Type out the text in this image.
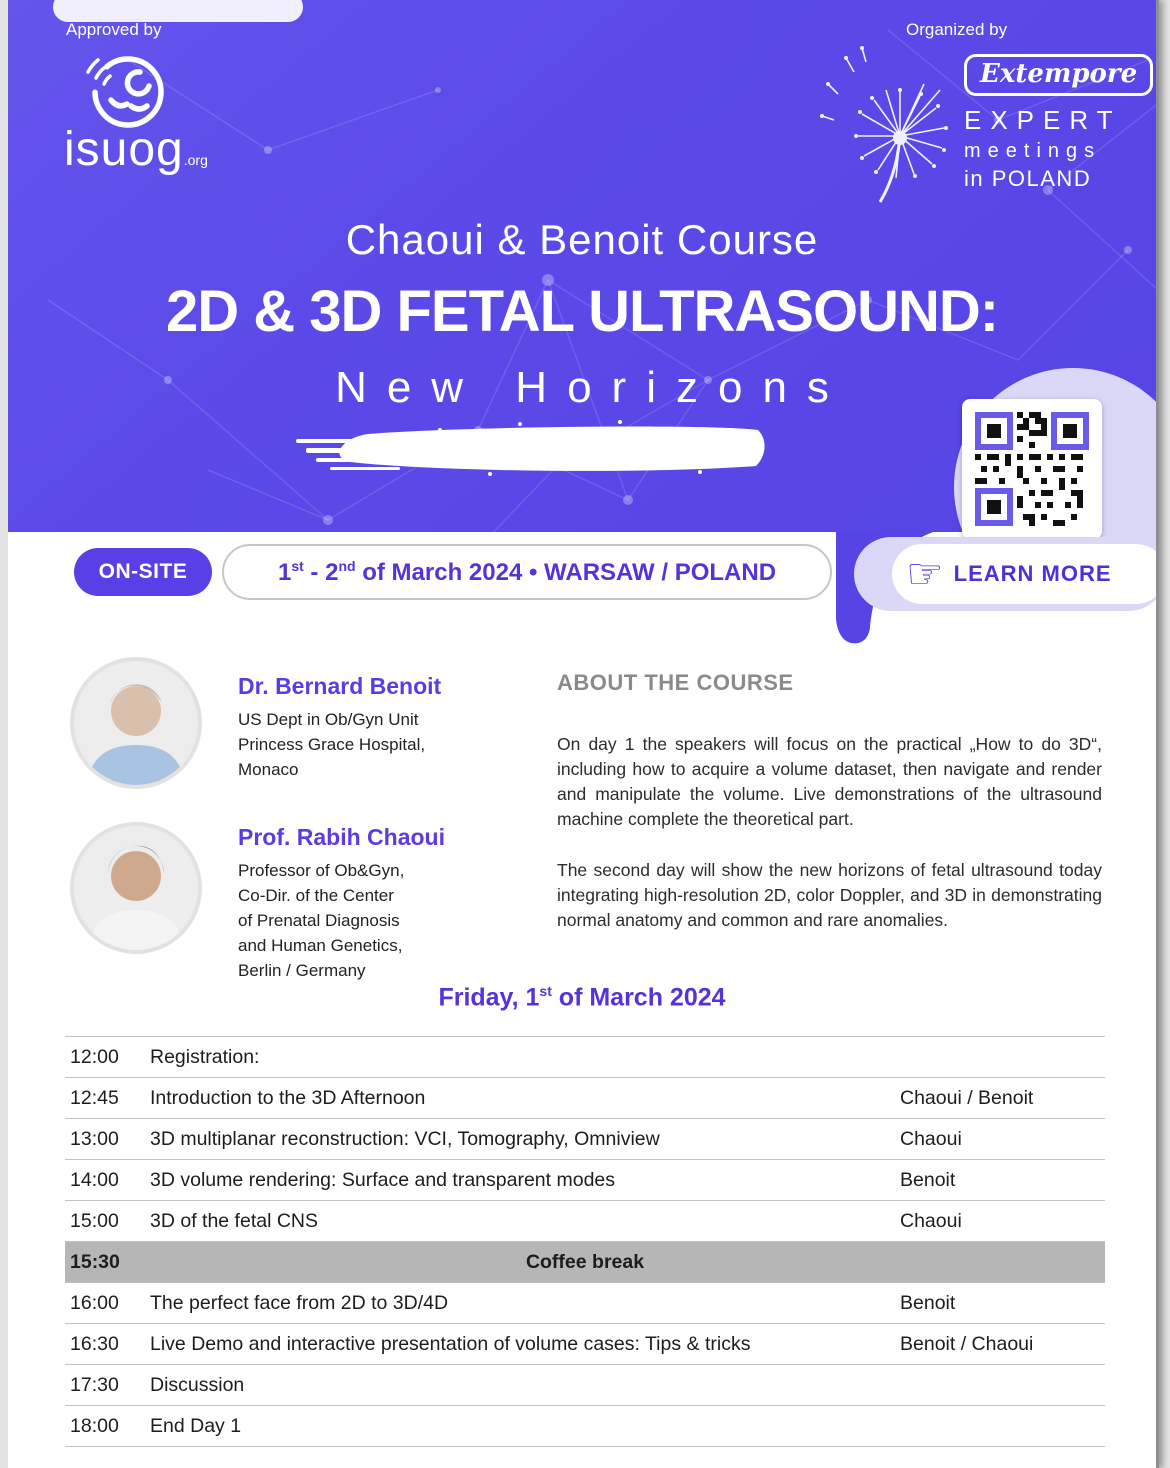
Approved by
isuog.org
Organized by
Extempore
EXPERT
meetings
in POLAND
Chaoui & Benoit Course
2D & 3D FETAL ULTRASOUND:
New Horizons
☞ LEARN MORE
ON-SITE	1st - 2nd of March 2024 • WARSAW / POLAND
Dr. Bernard Benoit
US Dept in Ob/Gyn Unit
Princess Grace Hospital,
Monaco
Prof. Rabih Chaoui
Professor of Ob&Gyn,
Co-Dir. of the Center
of Prenatal Diagnosis
and Human Genetics,
Berlin / Germany
ABOUT THE COURSE

On day 1 the speakers will focus on the practical „How to do 3D“, including how to acquire a volume dataset, then navigate and render and manipulate the volume. Live demonstrations of the ultrasound machine complete the theoretical part.

The second day will show the new horizons of fetal ultrasound today integrating high-resolution 2D, color Doppler, and 3D in demonstrating normal anatomy and common and rare anomalies.

Friday, 1st of March 2024
12:00	Registration:
12:45	Introduction to the 3D Afternoon	Chaoui / Benoit
13:00	3D multiplanar reconstruction: VCI, Tomography, Omniview	Chaoui
14:00	3D volume rendering: Surface and transparent modes	Benoit
15:00	3D of the fetal CNS	Chaoui
15:30	Coffee break
16:00	The perfect face from 2D to 3D/4D	Benoit
16:30	Live Demo and interactive presentation of volume cases: Tips & tricks	Benoit / Chaoui
17:30	Discussion
18:00	End Day 1
